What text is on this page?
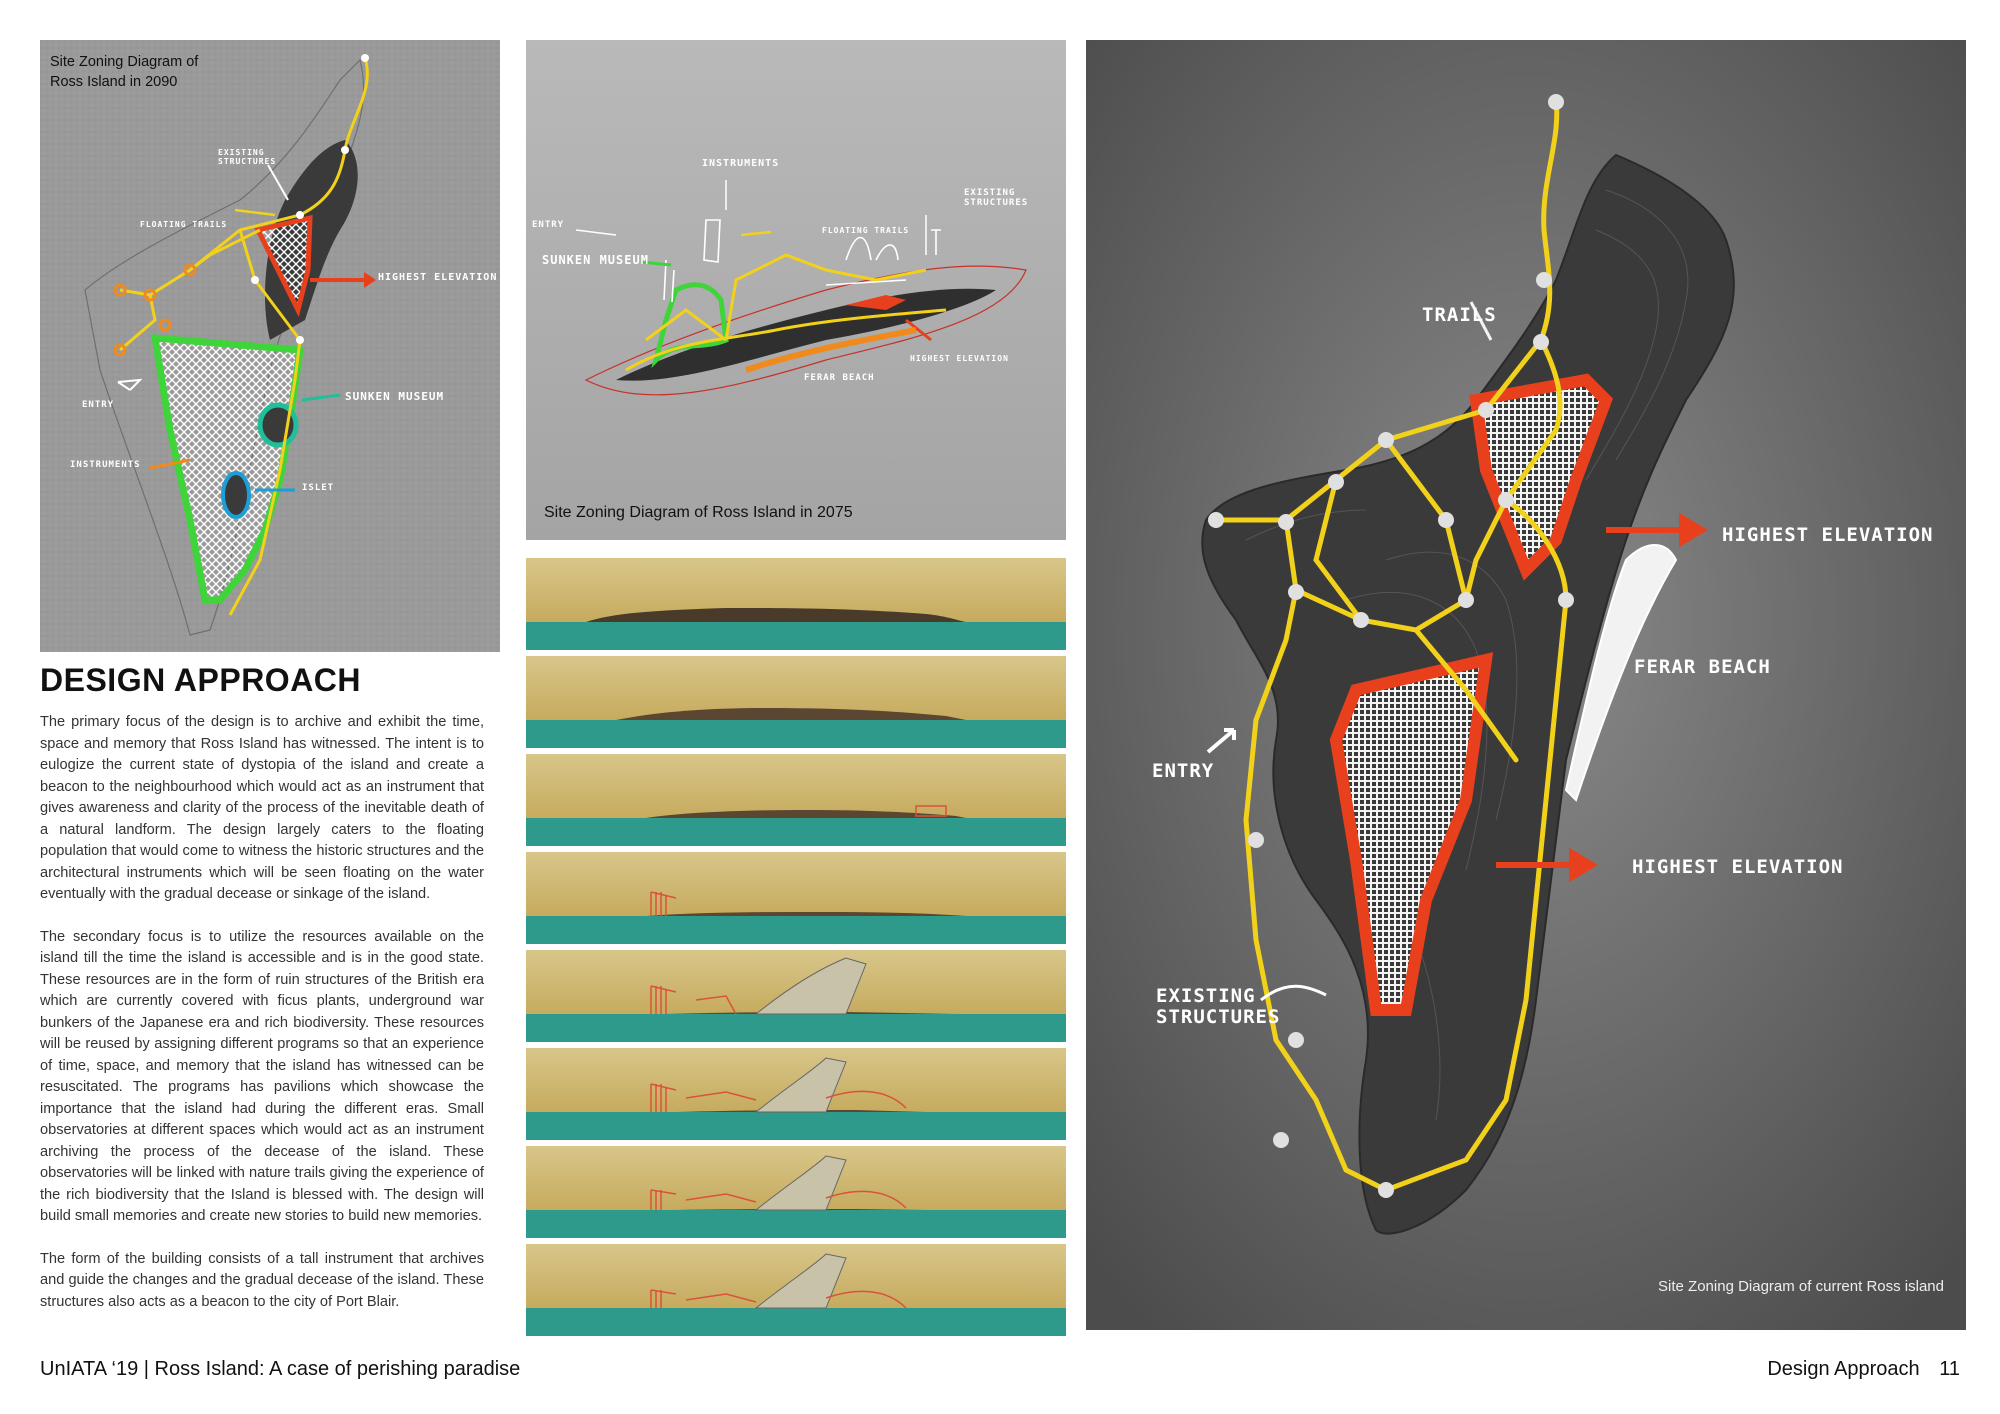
Site Zoning Diagram of
Ross Island in 2090
EXISTING STRUCTURES
FLOATING TRAILS
HIGHEST ELEVATION
ENTRY
SUNKEN MUSEUM
INSTRUMENTS
ISLET
INSTRUMENTS
EXISTING
STRUCTURES
ENTRY
FLOATING TRAILS
SUNKEN MUSEUM
HIGHEST ELEVATION
FERAR BEACH
Site Zoning Diagram of Ross Island in 2075
TRAILS
HIGHEST ELEVATION
FERAR BEACH
ENTRY
HIGHEST ELEVATION
EXISTING
STRUCTURES
Site Zoning Diagram of current Ross island
DESIGN APPROACH

The primary focus of the design is to archive and exhibit the time, space and memory that Ross Island has witnessed. The intent is to eulogize the current state of dystopia of the island and create a beacon to the neighbourhood which would act as an instrument that gives awareness and clarity of the process of the inevitable death of a natural landform. The design largely caters to the floating population that would come to witness the historic structures and the architectural instruments which will be seen floating on the water eventually with the gradual decease or sinkage of the island.

The secondary focus is to utilize the resources available on the island till the time the island is accessible and is in the good state. These resources are in the form of ruin structures of the British era which are currently covered with ficus plants, underground war bunkers of the Japanese era and rich biodiversity. These resources will be reused by assigning different programs so that an experience of time, space, and memory that the island has witnessed can be resuscitated. The programs has pavilions which showcase the importance that the island had during the different eras. Small observatories at different spaces which would act as an instrument archiving the process of the decease of the island. These observatories will be linked with nature trails giving the experience of the rich biodiversity that the Island is blessed with. The design will build small memories and create new stories to build new memories.

The form of the building consists of a tall instrument that archives and guide the changes and the gradual decease of the island. These structures also acts as a beacon to the city of Port Blair.

UnIATA ‘19 | Ross Island: A case of perishing paradise	Design Approach 11
